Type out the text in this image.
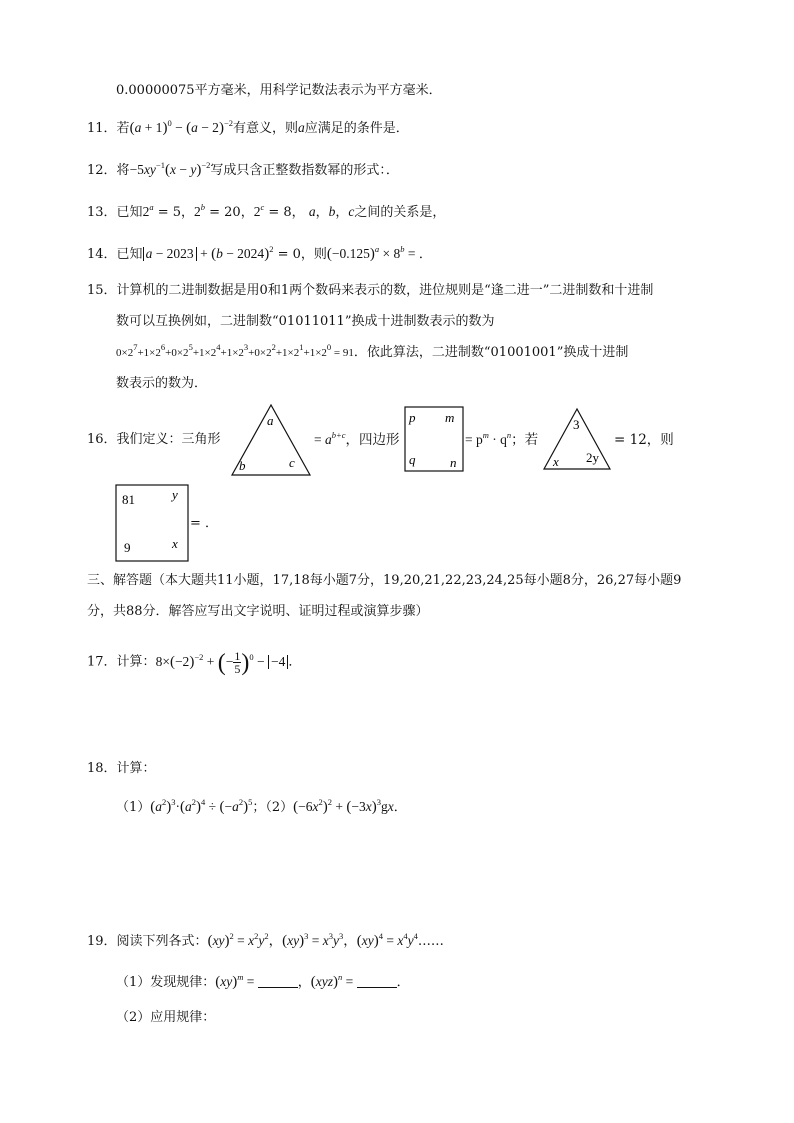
0.00000075平方毫米，用科学记数法表示为平方毫米．
11．若$(a + 1)^0 - (a - 2)^{-2}$有意义，则a应满足的条件是．
12．将$-5xy^{-1}(x - y)^{-2}$写成只含正整数指数幂的形式：．
13．已知$2^a = 5$，$2^b = 20$，$2^c = 8$， a，b，c之间的关系是，
14．已知 $a - 2023 + (b - 2024)^2 = 0$，则$(-0.125)^a \times 8^b$ = ．
15．计算机的二进制数据是用0和1两个数码来表示的数，进位规则是“逢二进一”二进制数和十进制
数可以互换例如，二进制数“01011011”换成十进制数表示的数为
$0\times 2^7+1\times 2^6+0\times 2^5+1\times 2^4+1\times 2^3+0\times 2^2+1\times 2^1+1\times 2^0 = 91$．依此算法，二进制数“01001001”换成十进制
数表示的数为．
16．我们定义：三角形
a
b	c
= $a^{b+c}$，四边形
p m
q	n
= $p^m \cdot q^n$；若
3
x 2y
= 12，则
81	y
9	x
= ．
三、解答题（本大题共11小题，17,18每小题7分，19,20,21,22,23,24,25每小题8分，26,27每小题9
分，共88分．解答应写出文字说明、证明过程或演算步骤）
17．计算：$8\times(-2)^{-2}$ + (− $\frac{1}{5} )^0 - -4$ ．
18．计算：
$(1)(a^2)^3\cdot(a^2)^4 \div (-a^2)^5$；$(2)(-6x^2)^2 + (-3x)^3gx$．
19．阅读下列各式：$(xy)^2 = x^2y^2$，$(xy)^3 = x^3y^3$，$(xy)^4 = x^4y^4\dots\dots$
（1）发现规律：(xy)$^m$ =	，(xyz)$^n$ =	．
（2）应用规律：
